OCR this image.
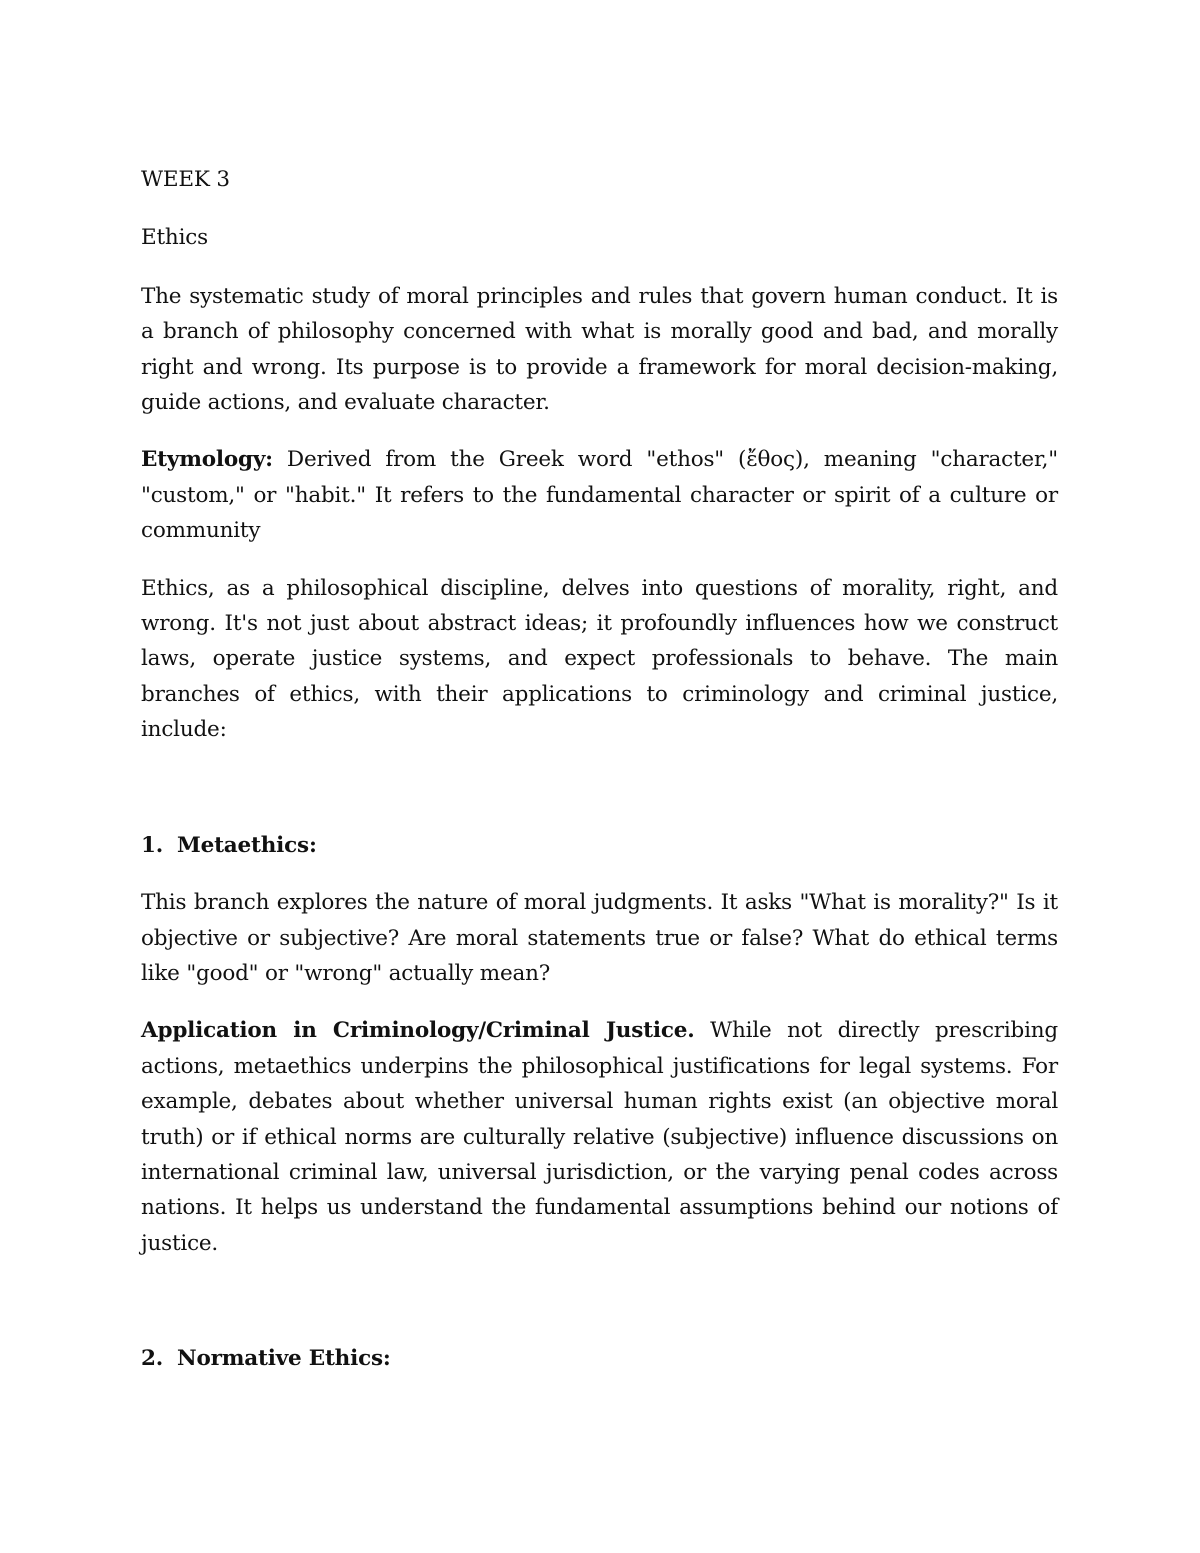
WEEK 3

Ethics

The systematic study of moral principles and rules that govern human conduct. It is a branch of philosophy concerned with what is morally good and bad, and morally right and wrong. Its purpose is to provide a framework for moral decision-making, guide actions, and evaluate character.

Etymology: Derived from the Greek word "ethos" (ἔθος), meaning "character," "custom," or "habit." It refers to the fundamental character or spirit of a culture or community

Ethics, as a philosophical discipline, delves into questions of morality, right, and wrong. It's not just about abstract ideas; it profoundly influences how we construct laws, operate justice systems, and expect professionals to behave. The main branches of ethics, with their applications to criminology and criminal justice, include:

1. Metaethics:

This branch explores the nature of moral judgments. It asks "What is morality?" Is it objective or subjective? Are moral statements true or false? What do ethical terms like "good" or "wrong" actually mean?

Application in Criminology/Criminal Justice. While not directly prescribing actions, metaethics underpins the philosophical justifications for legal systems. For example, debates about whether universal human rights exist (an objective moral truth) or if ethical norms are culturally relative (subjective) influence discussions on international criminal law, universal jurisdiction, or the varying penal codes across nations. It helps us understand the fundamental assumptions behind our notions of justice.

2. Normative Ethics:
